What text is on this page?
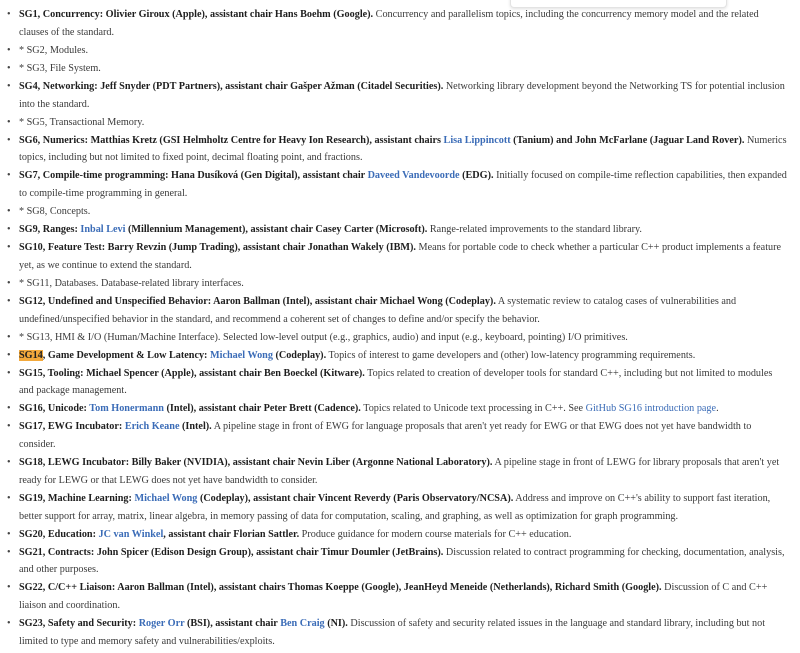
• SG1, Concurrency: Olivier Giroux (Apple), assistant chair Hans Boehm (Google). Concurrency and parallelism topics, including the concurrency memory model and the related clauses of the standard.
• * SG2, Modules.
• * SG3, File System.
• SG4, Networking: Jeff Snyder (PDT Partners), assistant chair Gašper Ažman (Citadel Securities). Networking library development beyond the Networking TS for potential inclusion into the standard.
• * SG5, Transactional Memory.
• SG6, Numerics: Matthias Kretz (GSI Helmholtz Centre for Heavy Ion Research), assistant chairs Lisa Lippincott (Tanium) and John McFarlane (Jaguar Land Rover). Numerics topics, including but not limited to fixed point, decimal floating point, and fractions.
• SG7, Compile-time programming: Hana Dusíková (Gen Digital), assistant chair Daveed Vandevoorde (EDG). Initially focused on compile-time reflection capabilities, then expanded to compile-time programming in general.
• * SG8, Concepts.
• SG9, Ranges: Inbal Levi (Millennium Management), assistant chair Casey Carter (Microsoft). Range-related improvements to the standard library.
• SG10, Feature Test: Barry Revzin (Jump Trading), assistant chair Jonathan Wakely (IBM). Means for portable code to check whether a particular C++ product implements a feature yet, as we continue to extend the standard.
• * SG11, Databases. Database-related library interfaces.
• SG12, Undefined and Unspecified Behavior: Aaron Ballman (Intel), assistant chair Michael Wong (Codeplay). A systematic review to catalog cases of vulnerabilities and undefined/unspecified behavior in the standard, and recommend a coherent set of changes to define and/or specify the behavior.
• * SG13, HMI & I/O (Human/Machine Interface). Selected low-level output (e.g., graphics, audio) and input (e.g., keyboard, pointing) I/O primitives.
• SG14, Game Development & Low Latency: Michael Wong (Codeplay). Topics of interest to game developers and (other) low-latency programming requirements.
• SG15, Tooling: Michael Spencer (Apple), assistant chair Ben Boeckel (Kitware). Topics related to creation of developer tools for standard C++, including but not limited to modules and package management.
• SG16, Unicode: Tom Honermann (Intel), assistant chair Peter Brett (Cadence). Topics related to Unicode text processing in C++. See GitHub SG16 introduction page.
• SG17, EWG Incubator: Erich Keane (Intel). A pipeline stage in front of EWG for language proposals that aren't yet ready for EWG or that EWG does not yet have bandwidth to consider.
• SG18, LEWG Incubator: Billy Baker (NVIDIA), assistant chair Nevin Liber (Argonne National Laboratory). A pipeline stage in front of LEWG for library proposals that aren't yet ready for LEWG or that LEWG does not yet have bandwidth to consider.
• SG19, Machine Learning: Michael Wong (Codeplay), assistant chair Vincent Reverdy (Paris Observatory/NCSA). Address and improve on C++'s ability to support fast iteration, better support for array, matrix, linear algebra, in memory passing of data for computation, scaling, and graphing, as well as optimization for graph programming.
• SG20, Education: JC van Winkel, assistant chair Florian Sattler. Produce guidance for modern course materials for C++ education.
• SG21, Contracts: John Spicer (Edison Design Group), assistant chair Timur Doumler (JetBrains). Discussion related to contract programming for checking, documentation, analysis, and other purposes.
• SG22, C/C++ Liaison: Aaron Ballman (Intel), assistant chairs Thomas Koeppe (Google), JeanHeyd Meneide (Netherlands), Richard Smith (Google). Discussion of C and C++ liaison and coordination.
• SG23, Safety and Security: Roger Orr (BSI), assistant chair Ben Craig (NI). Discussion of safety and security related issues in the language and standard library, including but not limited to type and memory safety and vulnerabilities/exploits.
